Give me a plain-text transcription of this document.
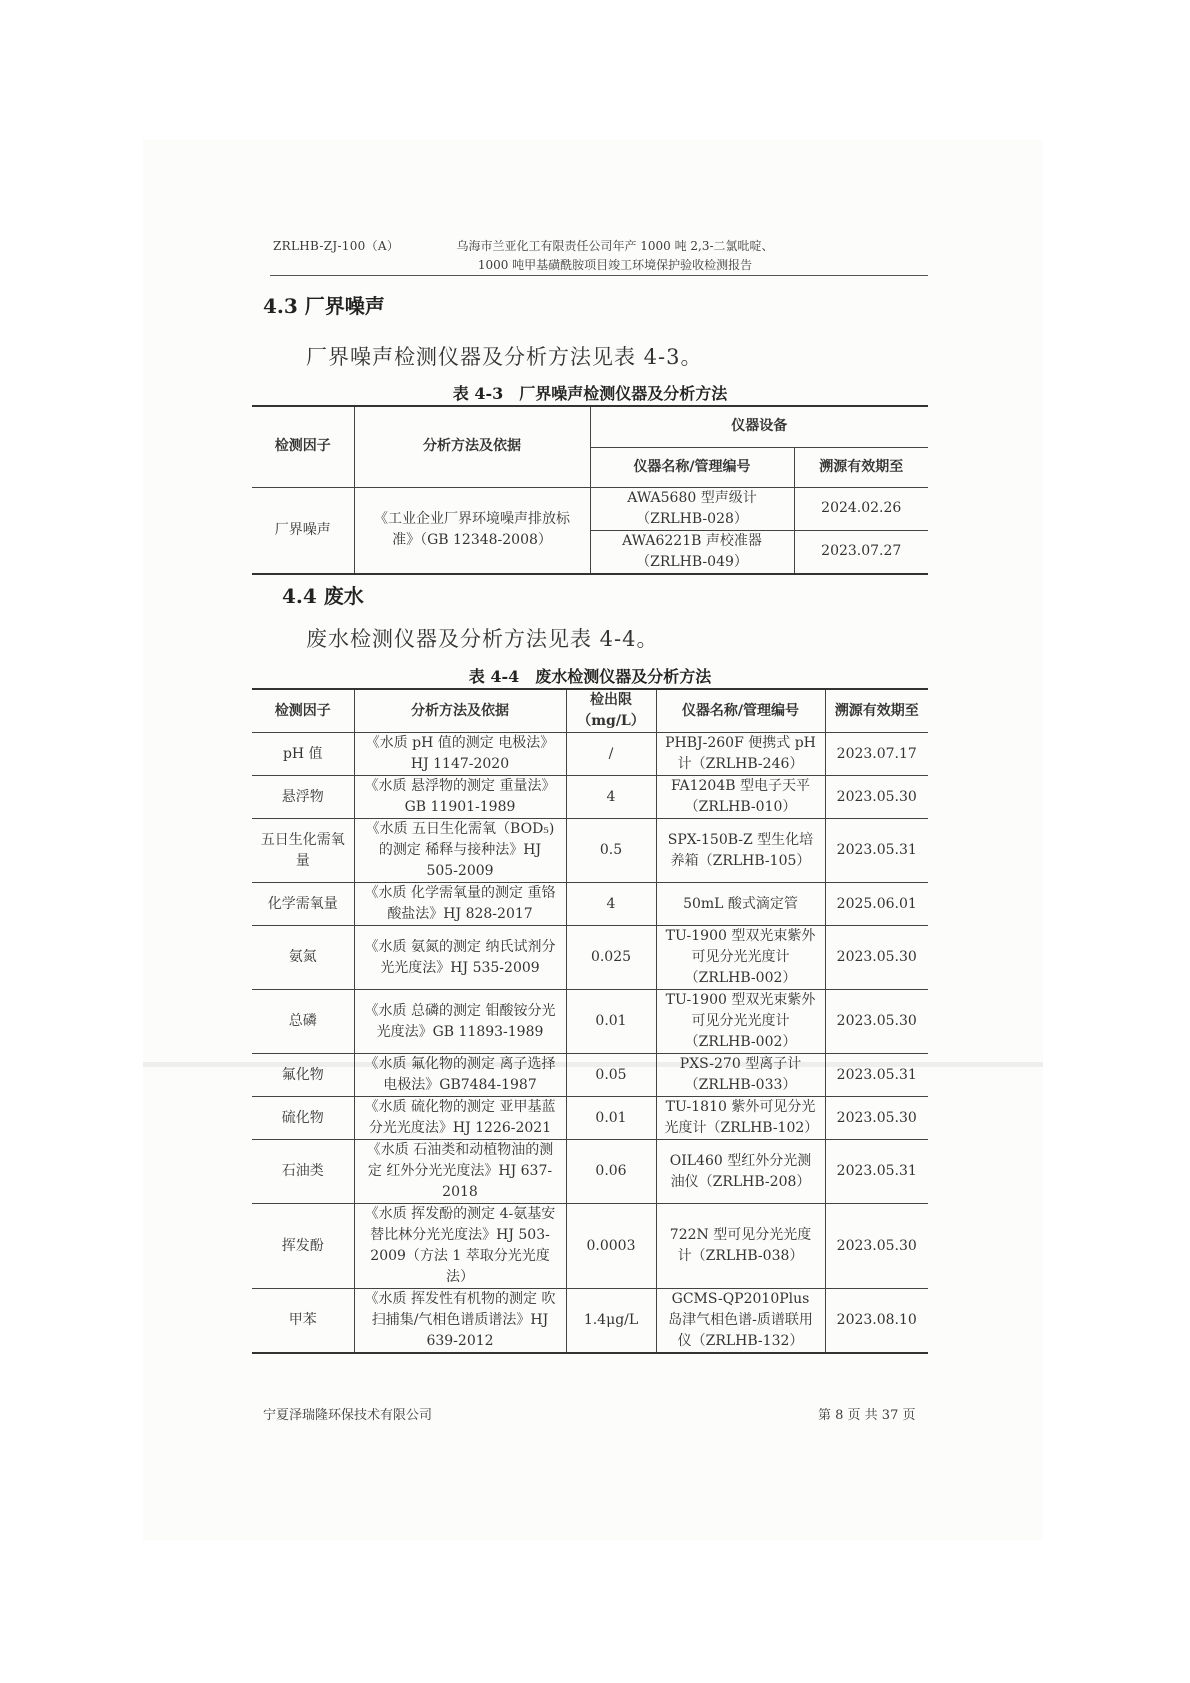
ZRLHB-ZJ-100（A）	乌海市兰亚化工有限责任公司年产 1000 吨 2,3-二氯吡啶、
1000 吨甲基磺酰胺项目竣工环境保护验收检测报告
4.3 厂界噪声
厂界噪声检测仪器及分析方法见表 4-3。
表 4-3　厂界噪声检测仪器及分析方法
检测因子	分析方法及依据	仪器设备	
		仪器名称/管理编号	溯源有效期至
厂界噪声	《工业企业厂界环境噪声排放标准》（GB 12348-2008）	AWA5680 型声级计（ZRLHB-028）	2024.02.26
		AWA6221B 声校准器（ZRLHB-049）	2023.07.27
4.4 废水
废水检测仪器及分析方法见表 4-4。
表 4-4　废水检测仪器及分析方法
检测因子	分析方法及依据	检出限（mg/L）	仪器名称/管理编号	溯源有效期至
pH 值	《水质 pH 值的测定 电极法》HJ 1147-2020	/	PHBJ-260F 便携式 pH 计（ZRLHB-246）	2023.07.17
悬浮物	《水质 悬浮物的测定 重量法》GB 11901-1989	4	FA1204B 型电子天平（ZRLHB-010）	2023.05.30
五日生化需氧量	《水质 五日生化需氧（BOD₅)的测定 稀释与接种法》HJ 505-2009	0.5	SPX-150B-Z 型生化培养箱（ZRLHB-105）	2023.05.31
化学需氧量	《水质 化学需氧量的测定 重铬酸盐法》HJ 828-2017	4	50mL 酸式滴定管	2025.06.01
氨氮	《水质 氨氮的测定 纳氏试剂分光光度法》HJ 535-2009	0.025	TU-1900 型双光束紫外可见分光光度计（ZRLHB-002）	2023.05.30
总磷	《水质 总磷的测定 钼酸铵分光光度法》GB 11893-1989	0.01	TU-1900 型双光束紫外可见分光光度计（ZRLHB-002）	2023.05.30
氟化物	《水质 氟化物的测定 离子选择电极法》GB7484-1987	0.05	PXS-270 型离子计（ZRLHB-033）	2023.05.31
硫化物	《水质 硫化物的测定 亚甲基蓝分光光度法》HJ 1226-2021	0.01	TU-1810 紫外可见分光光度计（ZRLHB-102）	2023.05.30
石油类	《水质 石油类和动植物油的测定 红外分光光度法》HJ 637-2018	0.06	OIL460 型红外分光测油仪（ZRLHB-208）	2023.05.31
挥发酚	《水质 挥发酚的测定 4-氨基安替比林分光光度法》HJ 503-2009（方法 1 萃取分光光度法）	0.0003	722N 型可见分光光度计（ZRLHB-038）	2023.05.30
甲苯	《水质 挥发性有机物的测定 吹扫捕集/气相色谱质谱法》HJ 639-2012	1.4μg/L	GCMS-QP2010Plus 岛津气相色谱-质谱联用仪（ZRLHB-132）	2023.08.10
宁夏泽瑞隆环保技术有限公司	第 8 页 共 37 页
